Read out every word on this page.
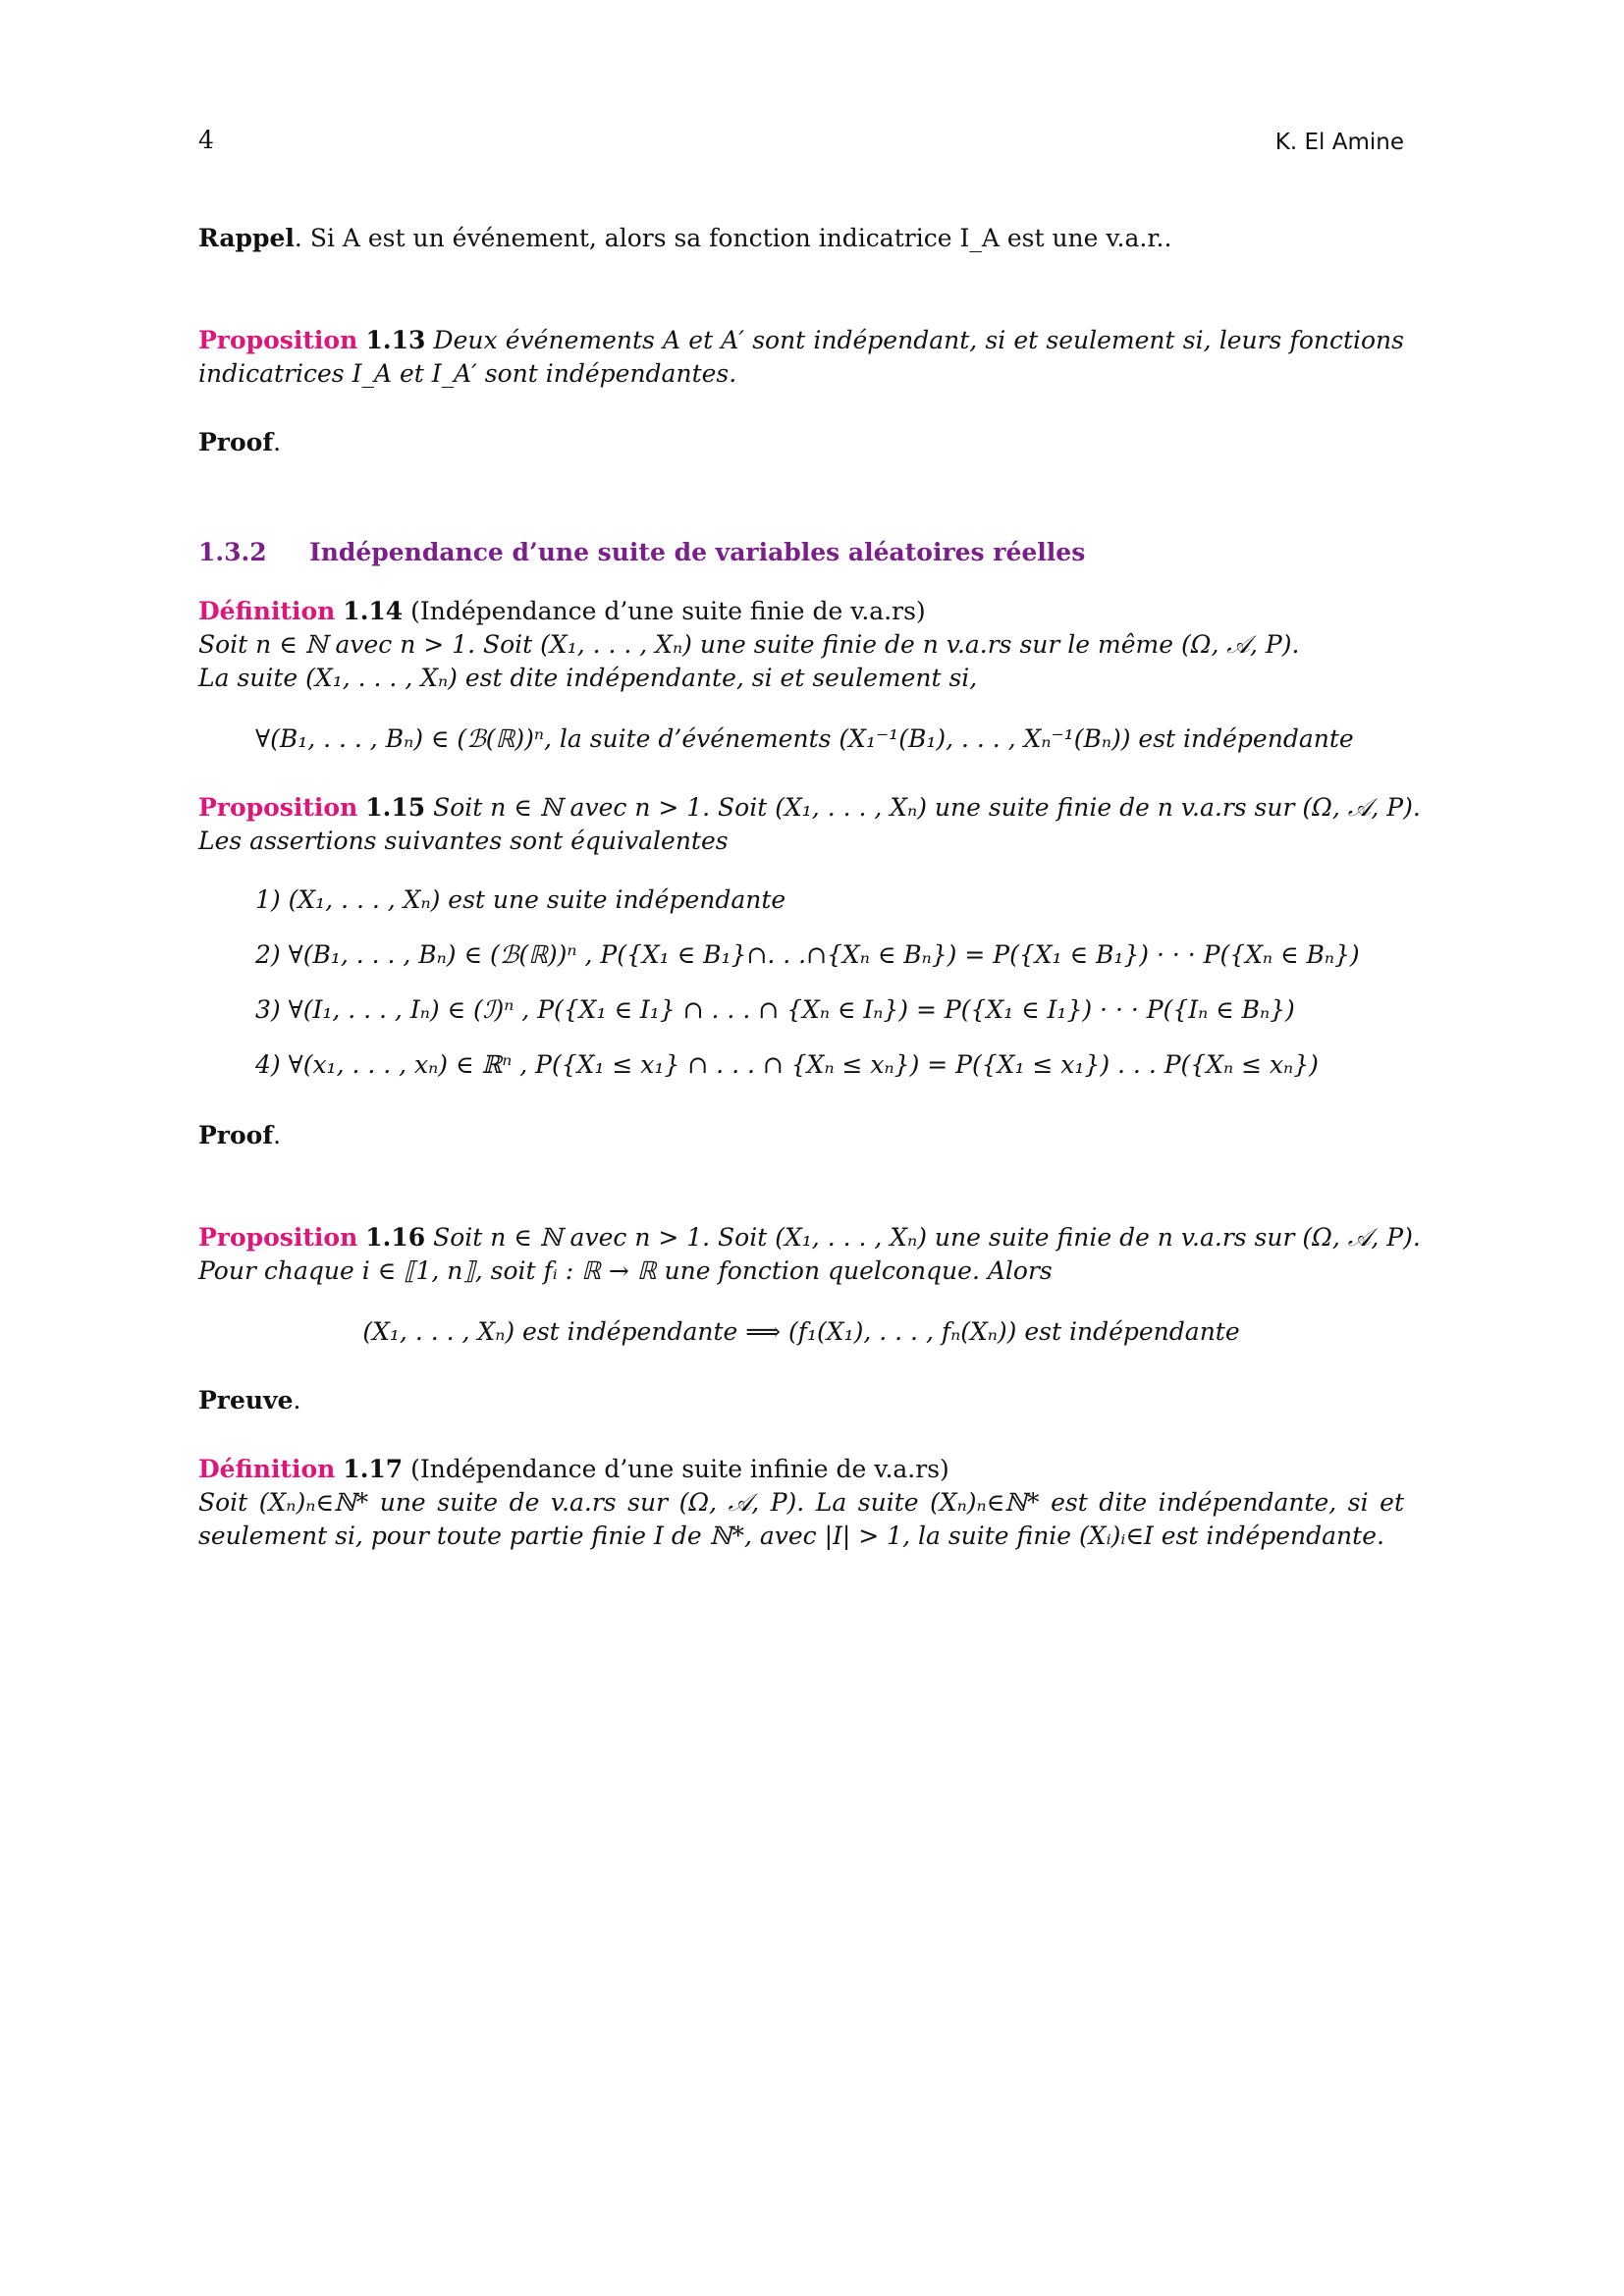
4	K. El Amine
Rappel. Si A est un événement, alors sa fonction indicatrice I_A est une v.a.r..
Proposition 1.13 Deux événements A et A′ sont indépendant, si et seulement si, leurs fonctions
indicatrices I_A et I_A′ sont indépendantes.
Proof.
1.3.2 Indépendance d’une suite de variables aléatoires réelles
Définition 1.14 (Indépendance d’une suite finie de v.a.rs)
Soit n ∈ ℕ avec n > 1. Soit (X₁, . . . , Xₙ) une suite finie de n v.a.rs sur le même (Ω, 𝒜, P).
La suite (X₁, . . . , Xₙ) est dite indépendante, si et seulement si,
∀(B₁, . . . , Bₙ) ∈ (ℬ(ℝ))ⁿ, la suite d’événements (X₁⁻¹(B₁), . . . , Xₙ⁻¹(Bₙ)) est indépendante
Proposition 1.15 Soit n ∈ ℕ avec n > 1. Soit (X₁, . . . , Xₙ) une suite finie de n v.a.rs sur (Ω, 𝒜, P).
Les assertions suivantes sont équivalentes
1) (X₁, . . . , Xₙ) est une suite indépendante
2) ∀(B₁, . . . , Bₙ) ∈ (ℬ(ℝ))ⁿ , P({X₁ ∈ B₁}∩. . .∩{Xₙ ∈ Bₙ}) = P({X₁ ∈ B₁}) · · · P({Xₙ ∈ Bₙ})
3) ∀(I₁, . . . , Iₙ) ∈ (ℐ)ⁿ , P({X₁ ∈ I₁} ∩ . . . ∩ {Xₙ ∈ Iₙ}) = P({X₁ ∈ I₁}) · · · P({Iₙ ∈ Bₙ})
4) ∀(x₁, . . . , xₙ) ∈ ℝⁿ , P({X₁ ≤ x₁} ∩ . . . ∩ {Xₙ ≤ xₙ}) = P({X₁ ≤ x₁}) . . . P({Xₙ ≤ xₙ})
Proof.
Proposition 1.16 Soit n ∈ ℕ avec n > 1. Soit (X₁, . . . , Xₙ) une suite finie de n v.a.rs sur (Ω, 𝒜, P).
Pour chaque i ∈ ⟦1, n⟧, soit fᵢ : ℝ → ℝ une fonction quelconque. Alors
(X₁, . . . , Xₙ) est indépendante ⟹ (f₁(X₁), . . . , fₙ(Xₙ)) est indépendante
Preuve.
Définition 1.17 (Indépendance d’une suite infinie de v.a.rs)
Soit (Xₙ)ₙ∈ℕ* une suite de v.a.rs sur (Ω, 𝒜, P). La suite (Xₙ)ₙ∈ℕ* est dite indépendante, si et
seulement si, pour toute partie finie I de ℕ*, avec |I| > 1, la suite finie (Xᵢ)ᵢ∈I est indépendante.
